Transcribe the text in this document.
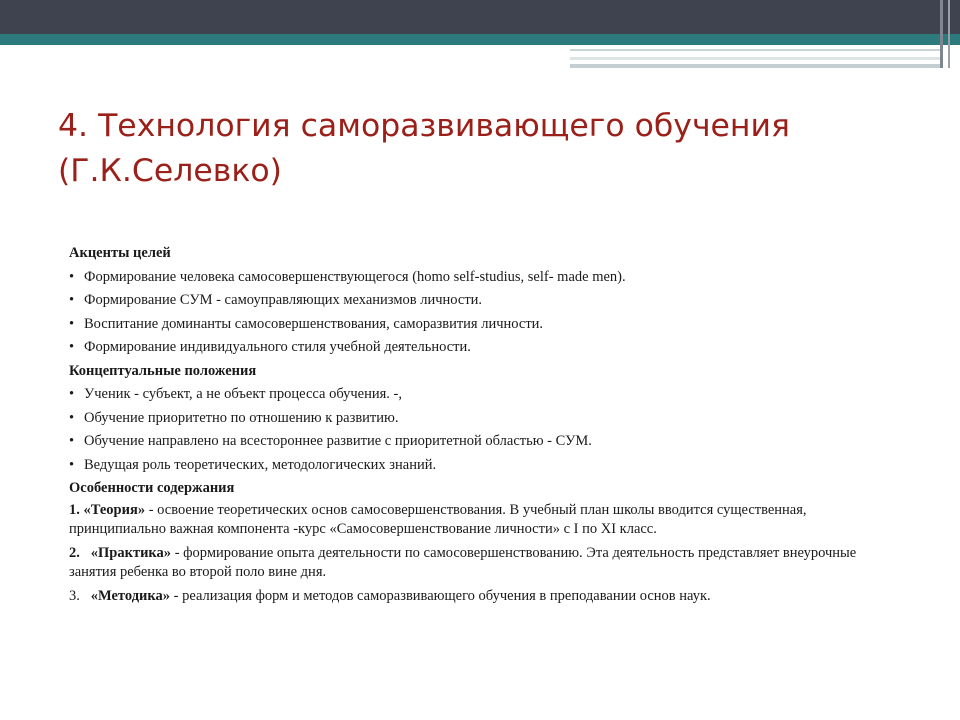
4. Технология саморазвивающего обучения
(Г.К.Селевко)

Акценты целей

• Формирование человека самосовершенствующегося (homo self-studius, self- made men).

• Формирование СУМ - самоуправляющих механизмов личности.

• Воспитание доминанты самосовершенствования, саморазвития личности.

• Формирование индивидуального стиля учебной деятельности.

Концептуальные положения

• Ученик - субъект, а не объект процесса обучения. -,

• Обучение приоритетно по отношению к развитию.

• Обучение направлено на всестороннее развитие с приоритетной областью - СУМ.

• Ведущая роль теоретических, методологических знаний.

Особенности содержания

1. «Теория» - освоение теоретических основ самосовершенствования. В учебный план школы вводится существенная, принципиально важная компонента -курс «Самосовершенствование личности» с I по XI класс.

2. «Практика» - формирование опыта деятельности по самосовершенствованию. Эта деятельность представляет внеурочные занятия ребенка во второй поло вине дня.

3. «Методика» - реализация форм и методов саморазвивающего обучения в преподавании основ наук.
